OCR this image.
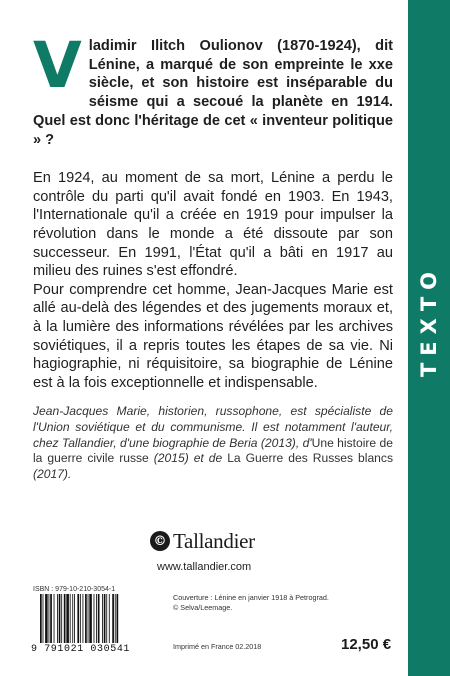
TEXTO
V ladimir Ilitch Oulionov (1870-1924), dit Lénine, a marqué de son empreinte le xxe siècle, et son histoire est inséparable du séisme qui a secoué la planète en 1914. Quel est donc l'héritage de cet « inventeur politique » ?

En 1924, au moment de sa mort, Lénine a perdu le contrôle du parti qu'il avait fondé en 1903. En 1943, l'Internationale qu'il a créée en 1919 pour impulser la révolution dans le monde a été dissoute par son successeur. En 1991, l'État qu'il a bâti en 1917 au milieu des ruines s'est effondré.

Pour comprendre cet homme, Jean-Jacques Marie est allé au-delà des légendes et des jugements moraux et, à la lumière des informations révélées par les archives soviétiques, il a repris toutes les étapes de sa vie. Ni hagiographie, ni réquisitoire, sa biographie de Lénine est à la fois exceptionnelle et indispensable.

Jean-Jacques Marie, historien, russophone, est spécialiste de l'Union soviétique et du communisme. Il est notamment l'auteur, chez Tallandier, d'une biographie de Beria (2013), d'Une histoire de la guerre civile russe (2015) et de La Guerre des Russes blancs (2017).
© Tallandier
www.tallandier.com
ISBN : 979-10-210-3054-1
9 791021 030541
Couverture : Lénine en janvier 1918 à Petrograd.
© Selva/Leemage.
Imprimé en France 02.2018	12,50 €
